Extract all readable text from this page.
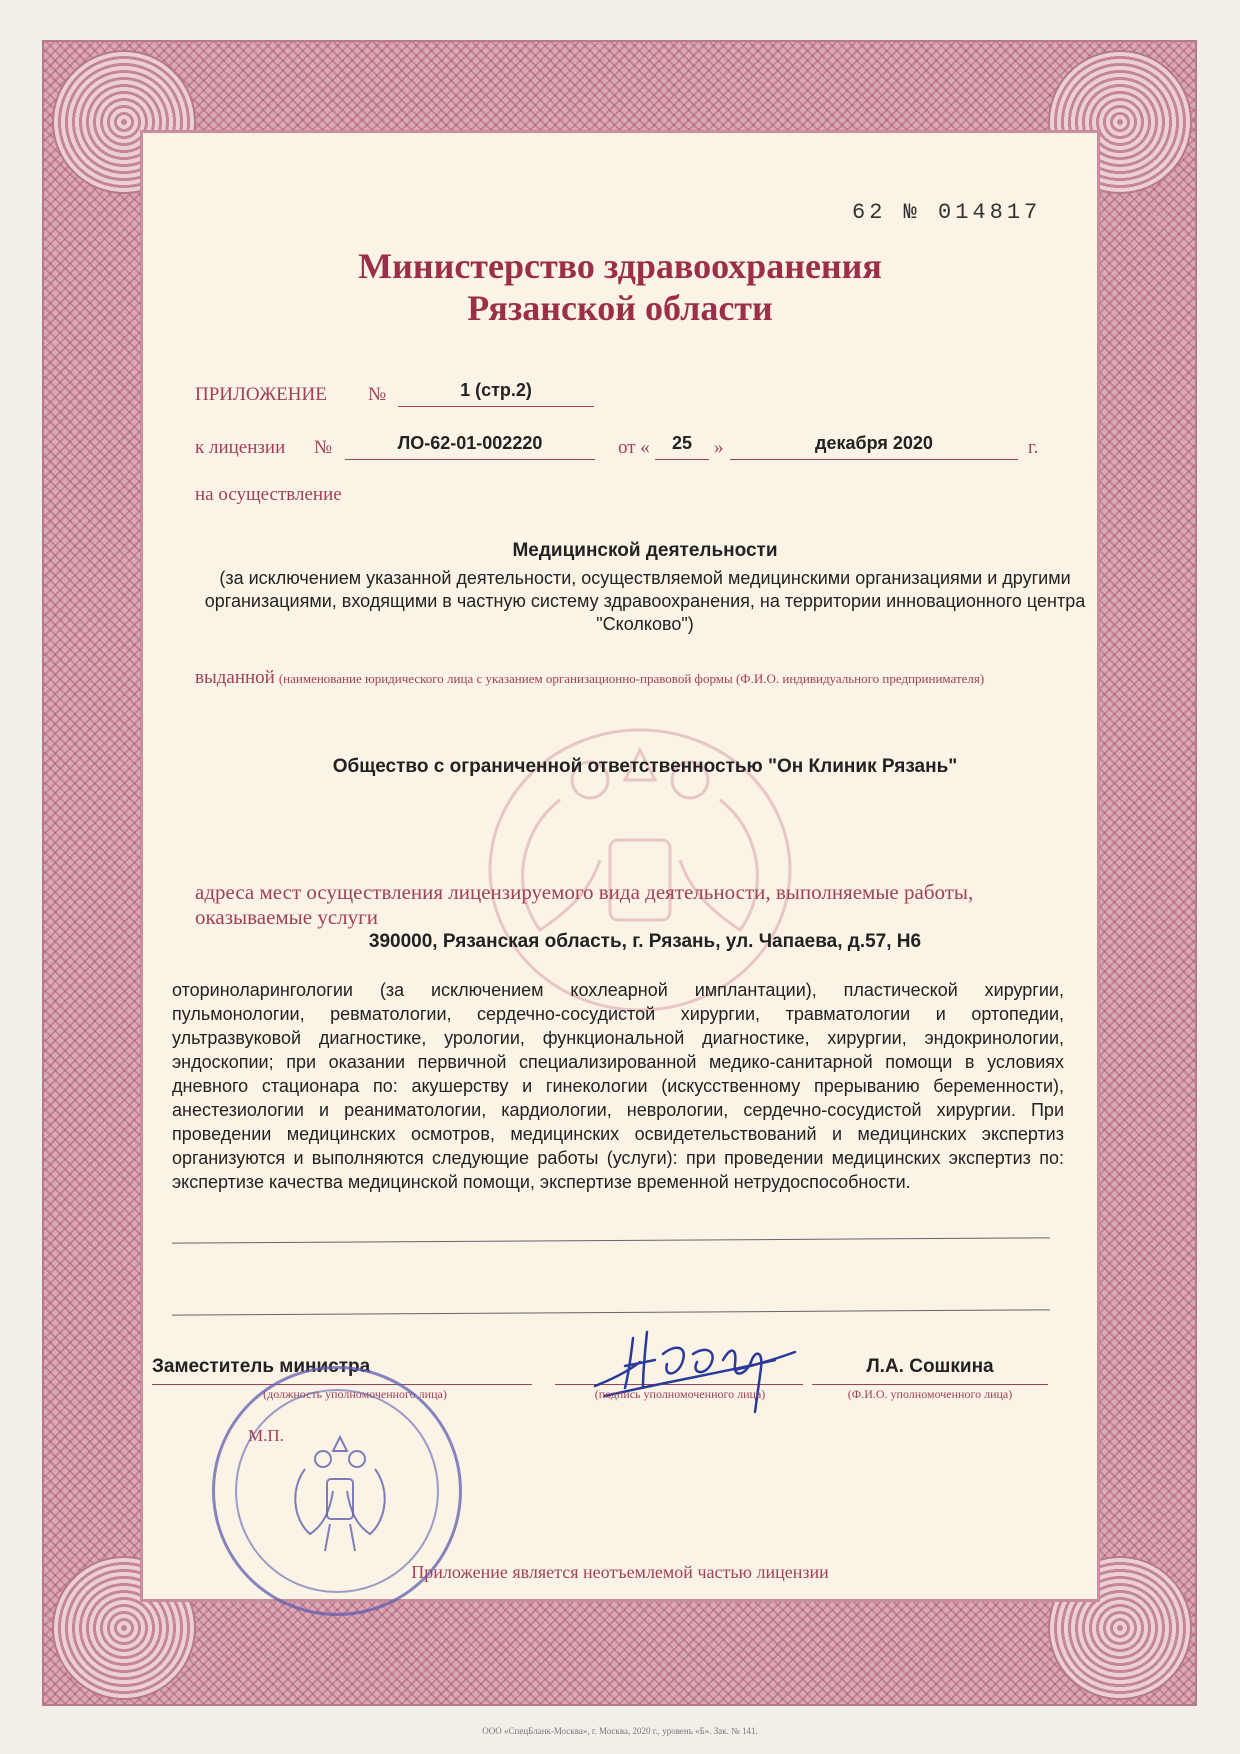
62 № 014817
Министерство здравоохранения
Рязанской области
ПРИЛОЖЕНИЕ №	1 (стр.2)
к лицензии №	ЛО-62-01-002220	от «	25	»	декабря 2020	г.
на осуществление
Медицинской деятельности
(за исключением указанной деятельности, осуществляемой медицинскими организациями и другими организациями, входящими в частную систему здравоохранения, на территории инновационного центра "Сколково")
выданной (наименование юридического лица с указанием организационно-правовой формы (Ф.И.О. индивидуального предпринимателя)
Общество с ограниченной ответственностью "Он Клиник Рязань"
адреса мест осуществления лицензируемого вида деятельности, выполняемые работы, оказываемые услуги
390000, Рязанская область, г. Рязань, ул. Чапаева, д.57, Н6
оториноларингологии (за исключением кохлеарной имплантации), пластической хирургии, пульмонологии, ревматологии, сердечно-сосудистой хирургии, травматологии и ортопедии, ультразвуковой диагностике, урологии, функциональной диагностике, хирургии, эндокринологии, эндоскопии; при оказании первичной специализированной медико-санитарной помощи в условиях дневного стационара по: акушерству и гинекологии (искусственному прерыванию беременности), анестезиологии и реаниматологии, кардиологии, неврологии, сердечно-сосудистой хирургии. При проведении медицинских осмотров, медицинских освидетельствований и медицинских экспертиз организуются и выполняются следующие работы (услуги): при проведении медицинских экспертиз по: экспертизе качества медицинской помощи, экспертизе временной нетрудоспособности.
Заместитель министра
(должность уполномоченного лица)	(подпись уполномоченного лица)
Л.А. Сошкина
(Ф.И.О. уполномоченного лица)
М.П.
Приложение является неотъемлемой частью лицензии
ООО «СпецБланк-Москва», г. Москва, 2020 г., уровень «Б». Зак. № 141.
